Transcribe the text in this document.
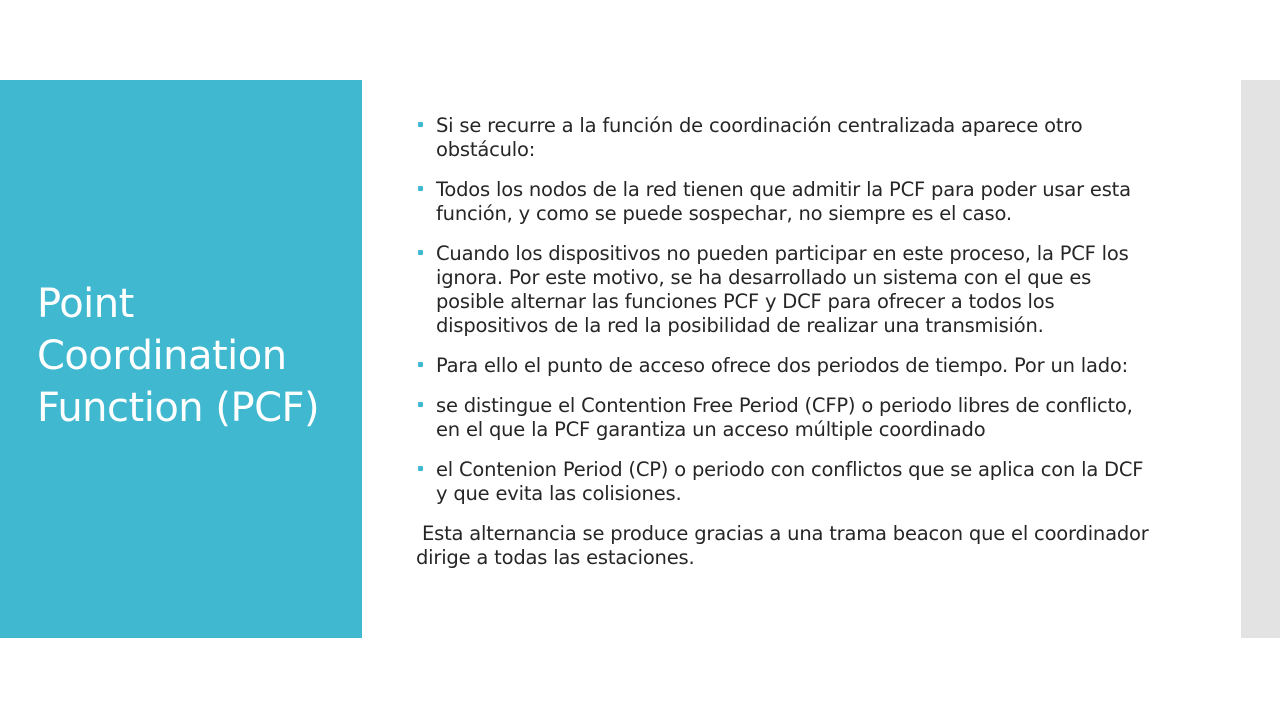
Point
Coordination
Function (PCF)

Si se recurre a la función de coordinación centralizada aparece otro obstáculo:

Todos los nodos de la red tienen que admitir la PCF para poder usar esta función, y como se puede sospechar, no siempre es el caso.

Cuando los dispositivos no pueden participar en este proceso, la PCF los ignora. Por este motivo, se ha desarrollado un sistema con el que es posible alternar las funciones PCF y DCF para ofrecer a todos los dispositivos de la red la posibilidad de realizar una transmisión.

Para ello el punto de acceso ofrece dos periodos de tiempo. Por un lado:

se distingue el Contention Free Period (CFP) o periodo libres de conflicto, en el que la PCF garantiza un acceso múltiple coordinado

el Contenion Period (CP) o periodo con conflictos que se aplica con la DCF y que evita las colisiones.

Esta alternancia se produce gracias a una trama beacon que el coordinador dirige a todas las estaciones.
